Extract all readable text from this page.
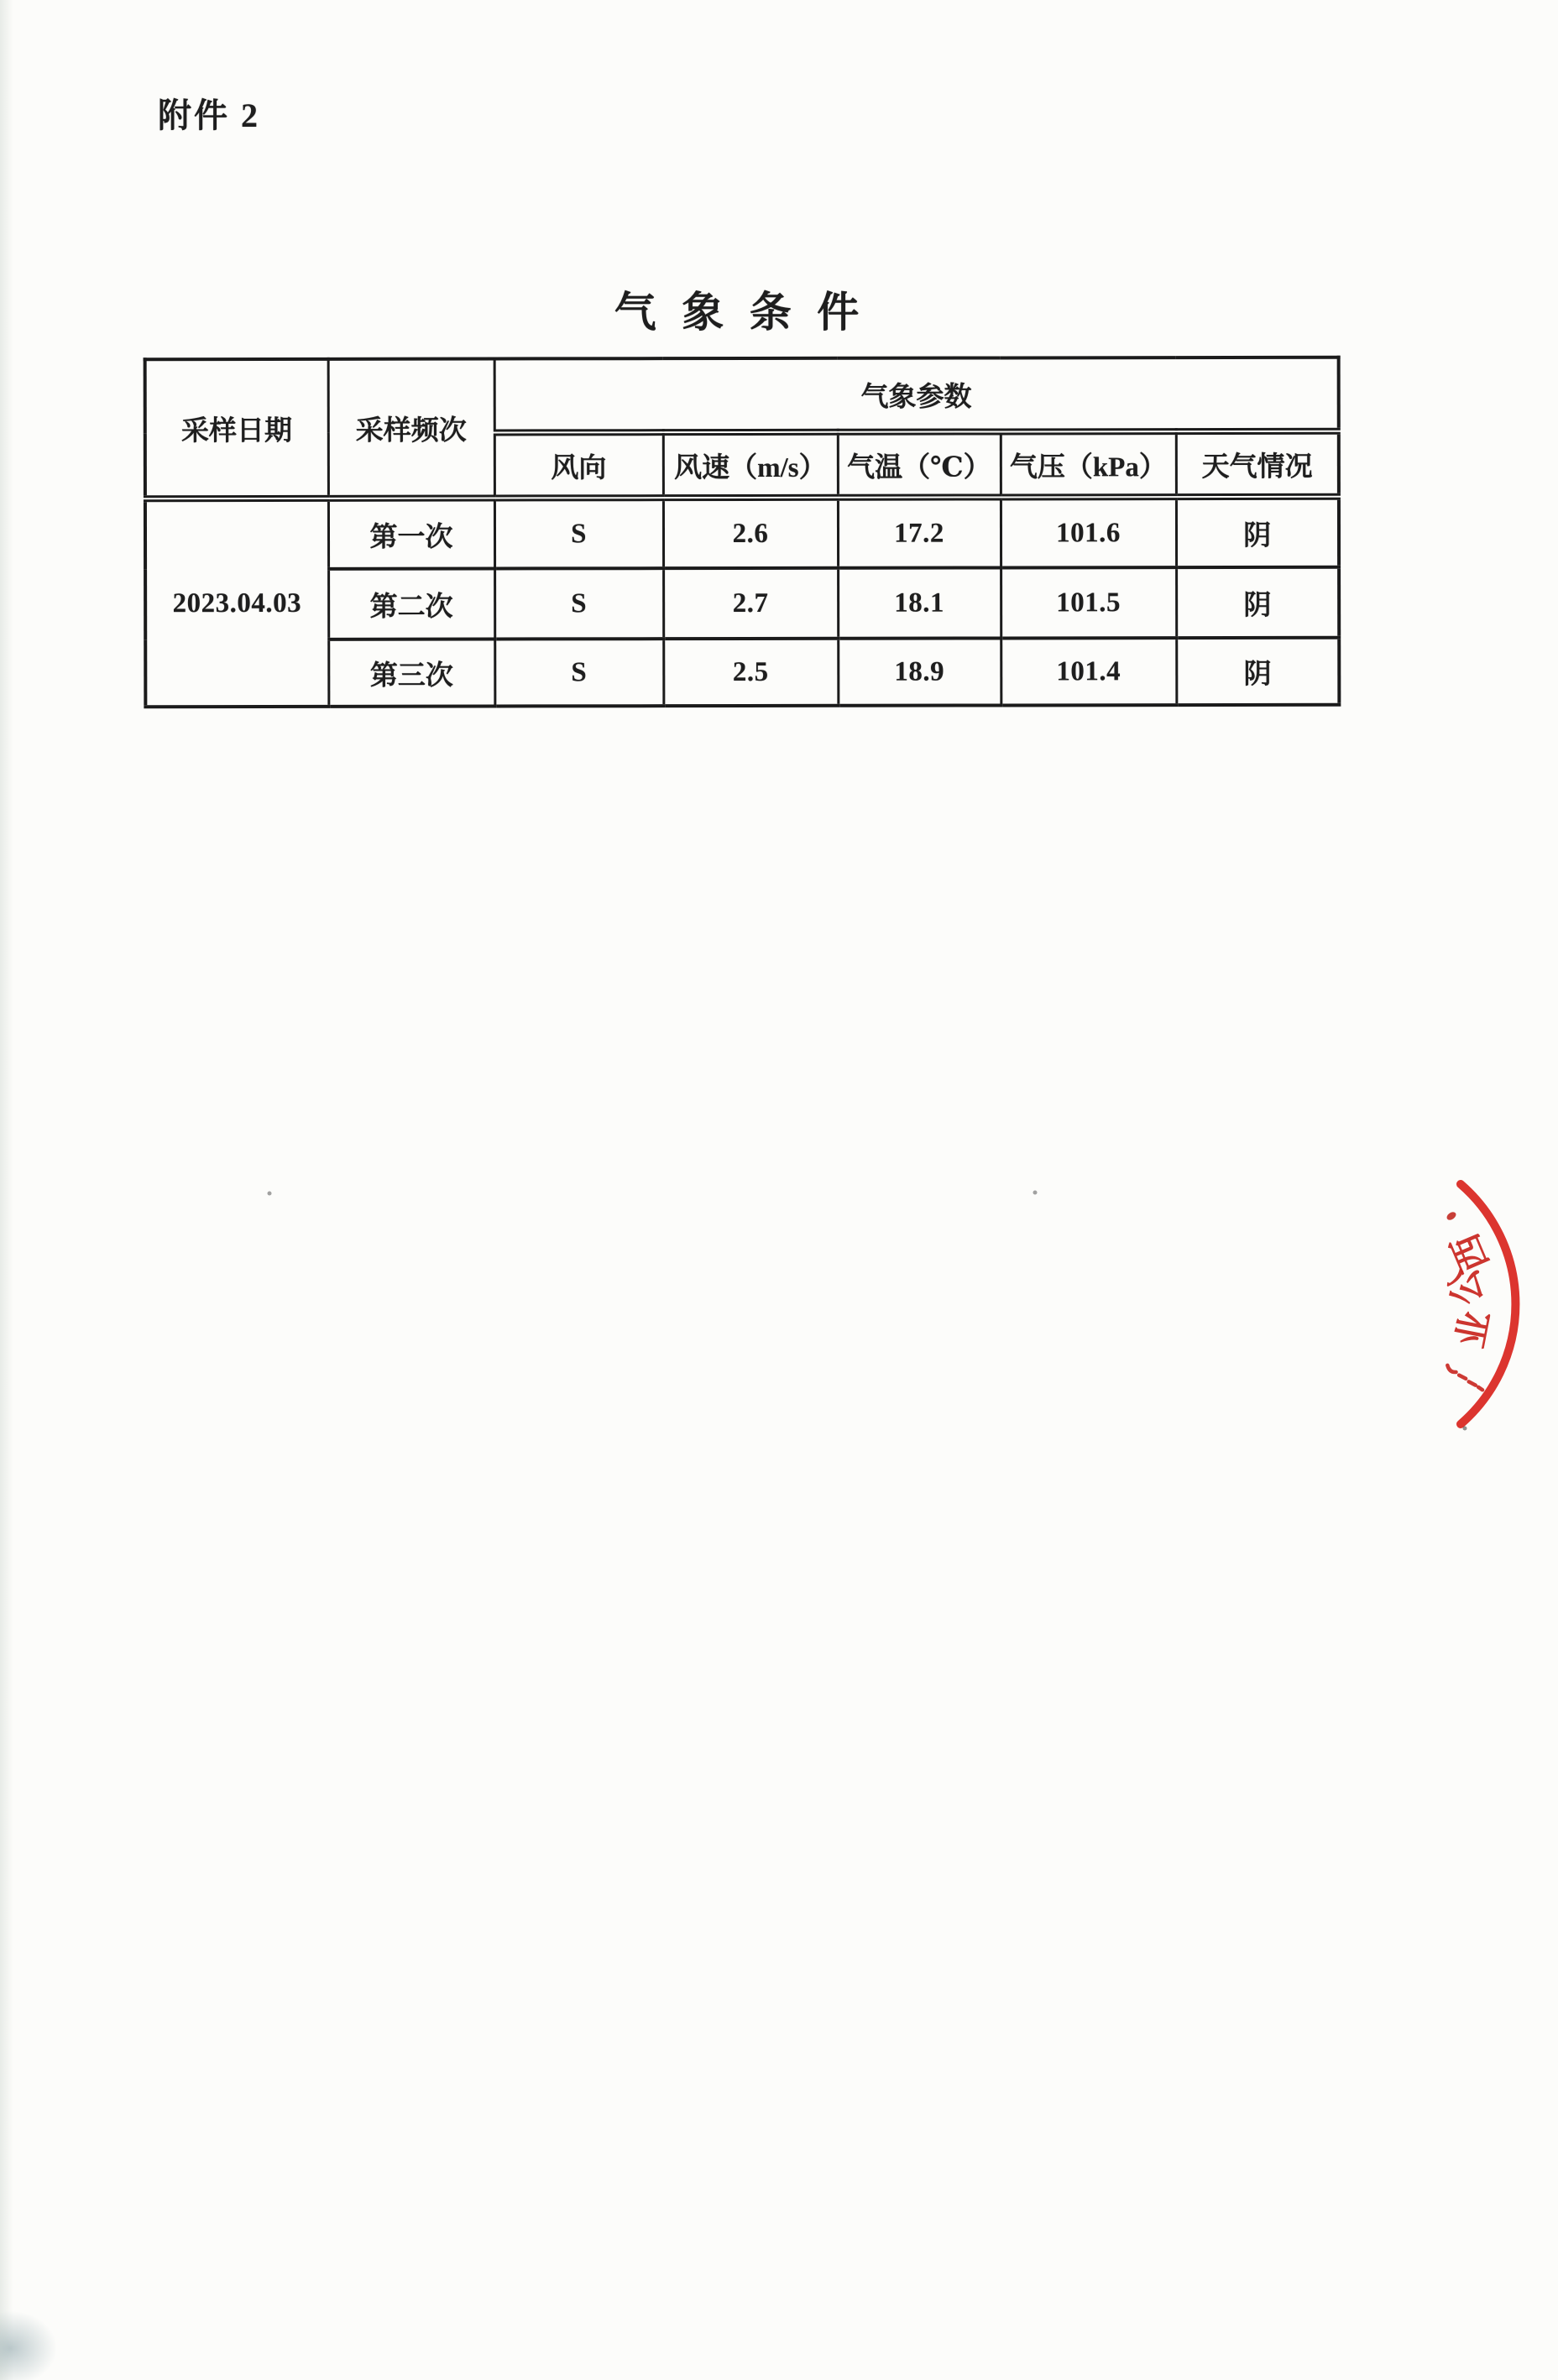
附件 2
气 象 条 件
采样日期	采样频次	气象参数				
		风向	风速（m/s）	气温（℃）	气压（kPa）	天气情况
2023.04.03	第一次	S	2.6	17.2	101.6	阴
	第二次	S	2.7	18.1	101.5	阴
	第三次	S	2.5	18.9	101.4	阴
西
公
业
